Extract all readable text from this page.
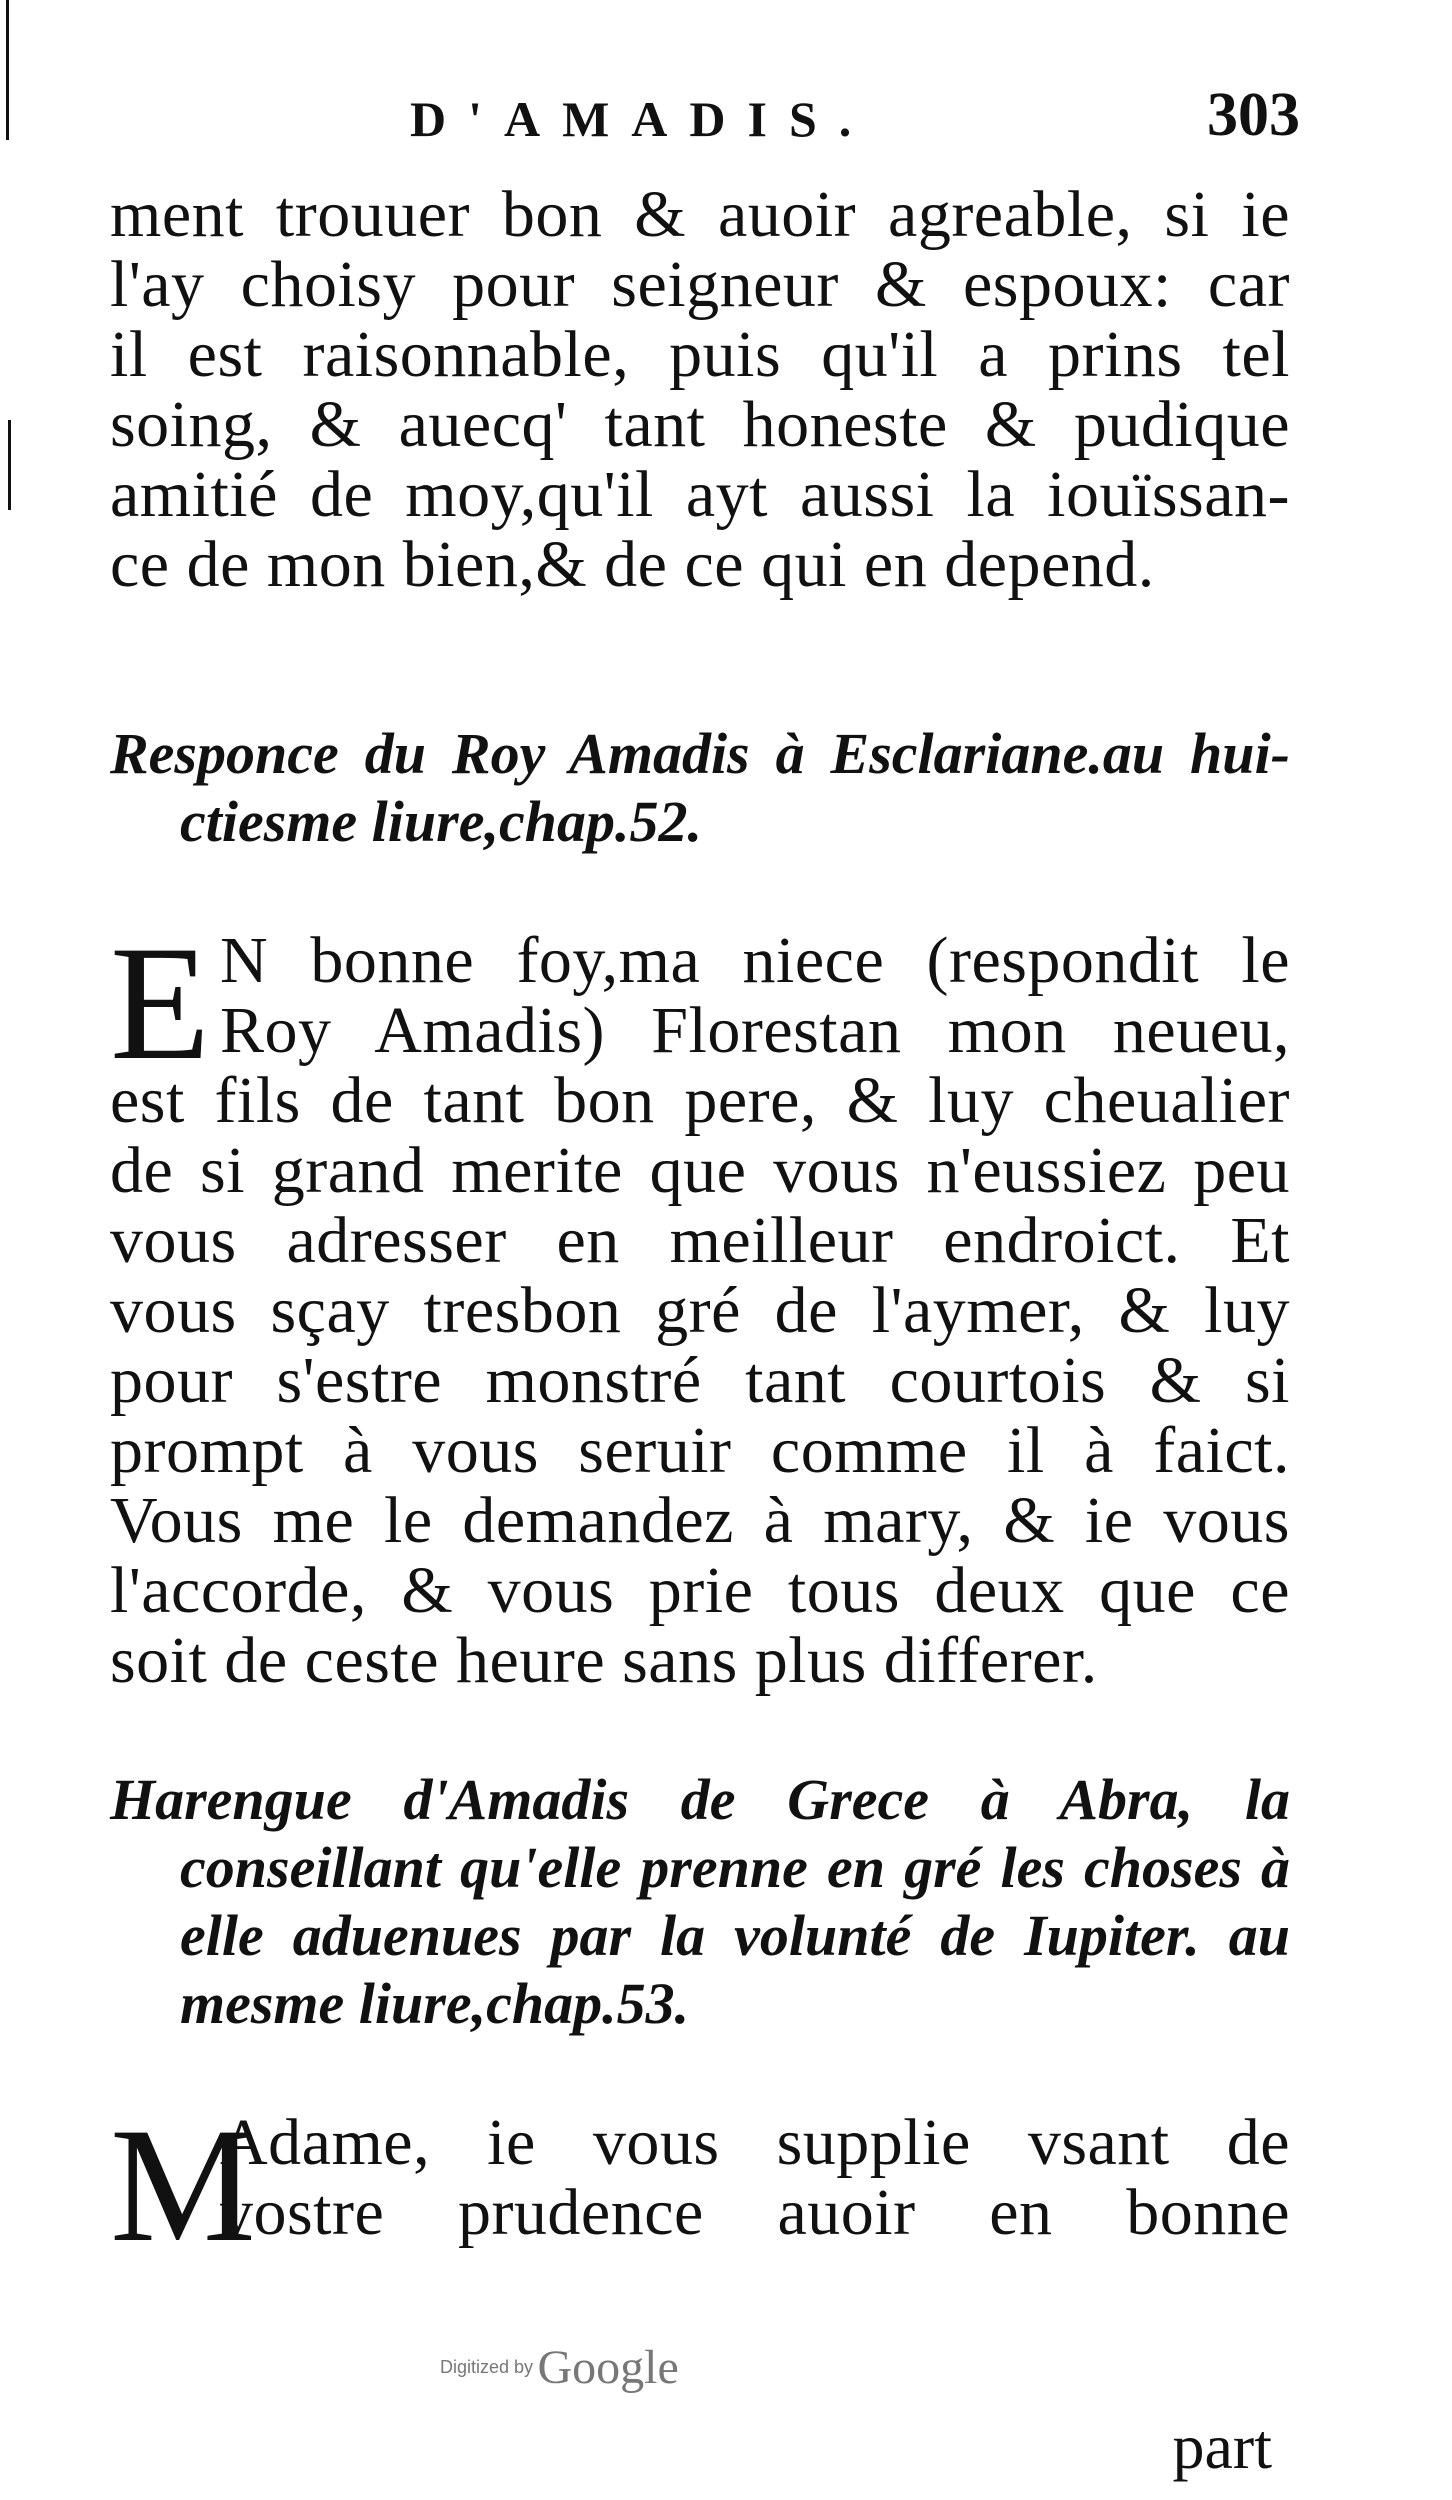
D'AMADIS.	303
ment trouuer bon & auoir agreable, si ie
l'ay choisy pour seigneur & espoux: car
il est raisonnable, puis qu'il a prins tel
soing, & auecq' tant honeste & pudique
amitié de moy,qu'il ayt aussi la iouïssan-
ce de mon bien,& de ce qui en depend.
Responce du Roy Amadis à Esclariane.au hui-
ctiesme liure,chap.52.
E N bonne foy,ma niece (respondit le
Roy Amadis) Florestan mon neueu,
est fils de tant bon pere, & luy cheualier
de si grand merite que vous n'eussiez peu
vous adresser en meilleur endroict. Et
vous sçay tresbon gré de l'aymer, & luy
pour s'estre monstré tant courtois & si
prompt à vous seruir comme il à faict.
Vous me le demandez à mary, & ie vous
l'accorde, & vous prie tous deux que ce
soit de ceste heure sans plus differer.
Harengue d'Amadis de Grece à Abra, la
conseillant qu'elle prenne en gré les choses à
elle aduenues par la volunté de Iupiter. au
mesme liure,chap.53.
M
Adame, ie vous supplie vsant de
vostre prudence auoir en bonne
Digitized by Google
part
